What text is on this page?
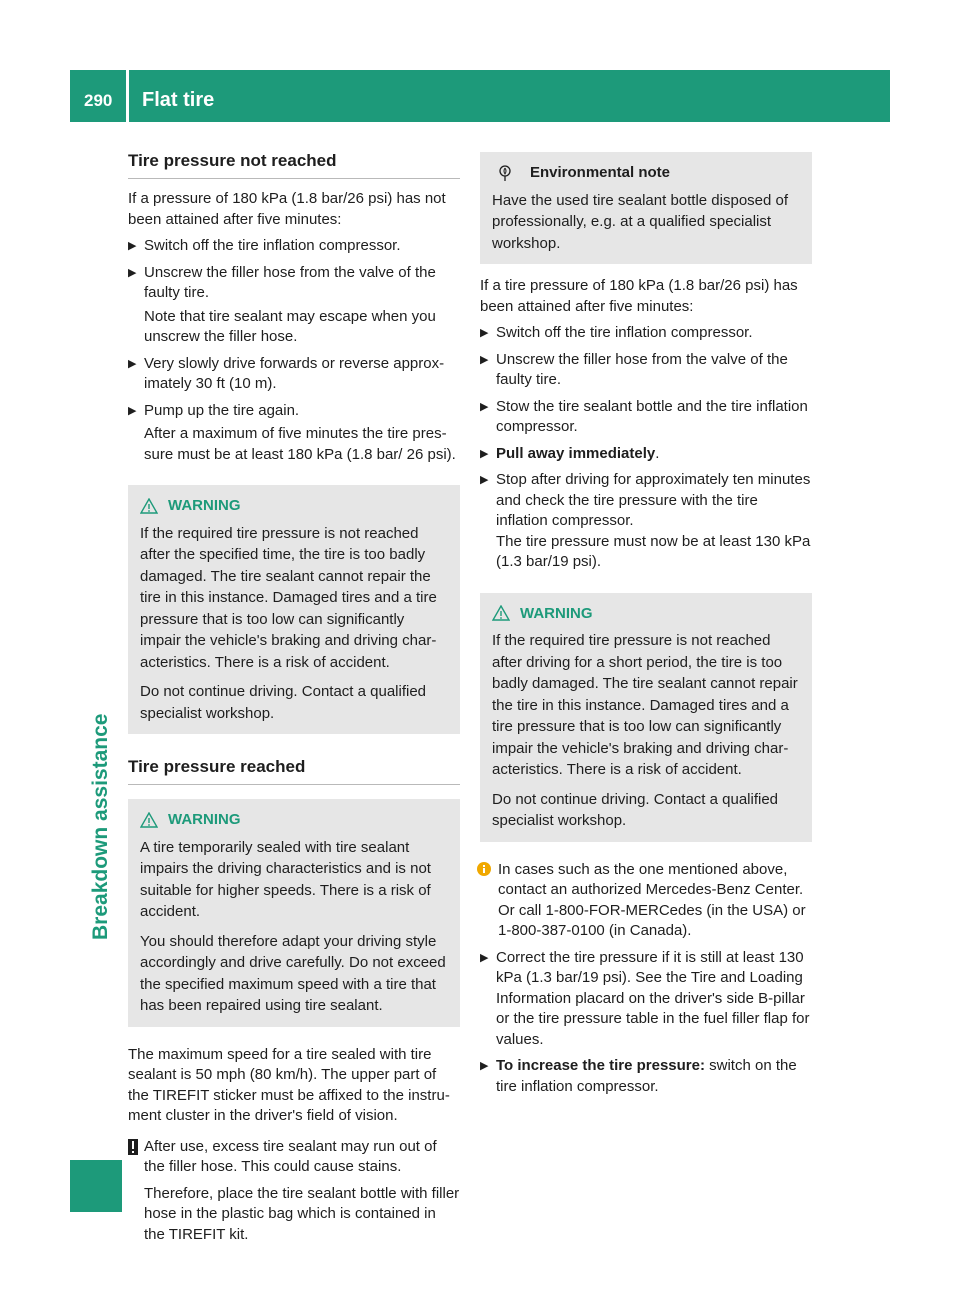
290 Flat tire
Breakdown assistance
Tire pressure not reached

If a pressure of 180 kPa (1.8 bar/26 psi) has not been attained after five minutes:

▶ Switch off the tire inflation compressor.
▶ Unscrew the filler hose from the valve of the faulty tire.
Note that tire sealant may escape when you unscrew the filler hose.
▶ Very slowly drive forwards or reverse approximately 30 ft (10 m).
▶ Pump up the tire again.
After a maximum of five minutes the tire pressure must be at least 180 kPa (1.8 bar/ 26 psi).
WARNING

If the required tire pressure is not reached after the specified time, the tire is too badly damaged. The tire sealant cannot repair the tire in this instance. Damaged tires and a tire pressure that is too low can significantly impair the vehicle's braking and driving characteristics. There is a risk of accident.

Do not continue driving. Contact a qualified specialist workshop.

Tire pressure reached
WARNING

A tire temporarily sealed with tire sealant impairs the driving characteristics and is not suitable for higher speeds. There is a risk of accident.

You should therefore adapt your driving style accordingly and drive carefully. Do not exceed the specified maximum speed with a tire that has been repaired using tire sealant.

The maximum speed for a tire sealed with tire sealant is 50 mph (80 km/h). The upper part of the TIREFIT sticker must be affixed to the instrument cluster in the driver's field of vision.

After use, excess tire sealant may run out of the filler hose. This could cause stains.
Therefore, place the tire sealant bottle with filler hose in the plastic bag which is contained in the TIREFIT kit.
Environmental note

Have the used tire sealant bottle disposed of professionally, e.g. at a qualified specialist workshop.

If a tire pressure of 180 kPa (1.8 bar/26 psi) has been attained after five minutes:

▶ Switch off the tire inflation compressor.
▶ Unscrew the filler hose from the valve of the faulty tire.
▶ Stow the tire sealant bottle and the tire inflation compressor.
▶ Pull away immediately.
▶ Stop after driving for approximately ten minutes and check the tire pressure with the tire inflation compressor.
The tire pressure must now be at least 130 kPa (1.3 bar/19 psi).
WARNING

If the required tire pressure is not reached after driving for a short period, the tire is too badly damaged. The tire sealant cannot repair the tire in this instance. Damaged tires and a tire pressure that is too low can significantly impair the vehicle's braking and driving characteristics. There is a risk of accident.

Do not continue driving. Contact a qualified specialist workshop.

In cases such as the one mentioned above, contact an authorized Mercedes-Benz Center. Or call 1-800-FOR-MERCedes (in the USA) or 1-800-387-0100 (in Canada).
▶ Correct the tire pressure if it is still at least 130 kPa (1.3 bar/19 psi). See the Tire and Loading Information placard on the driver's side B-pillar or the tire pressure table in the fuel filler flap for values.
▶ To increase the tire pressure: switch on the tire inflation compressor.
